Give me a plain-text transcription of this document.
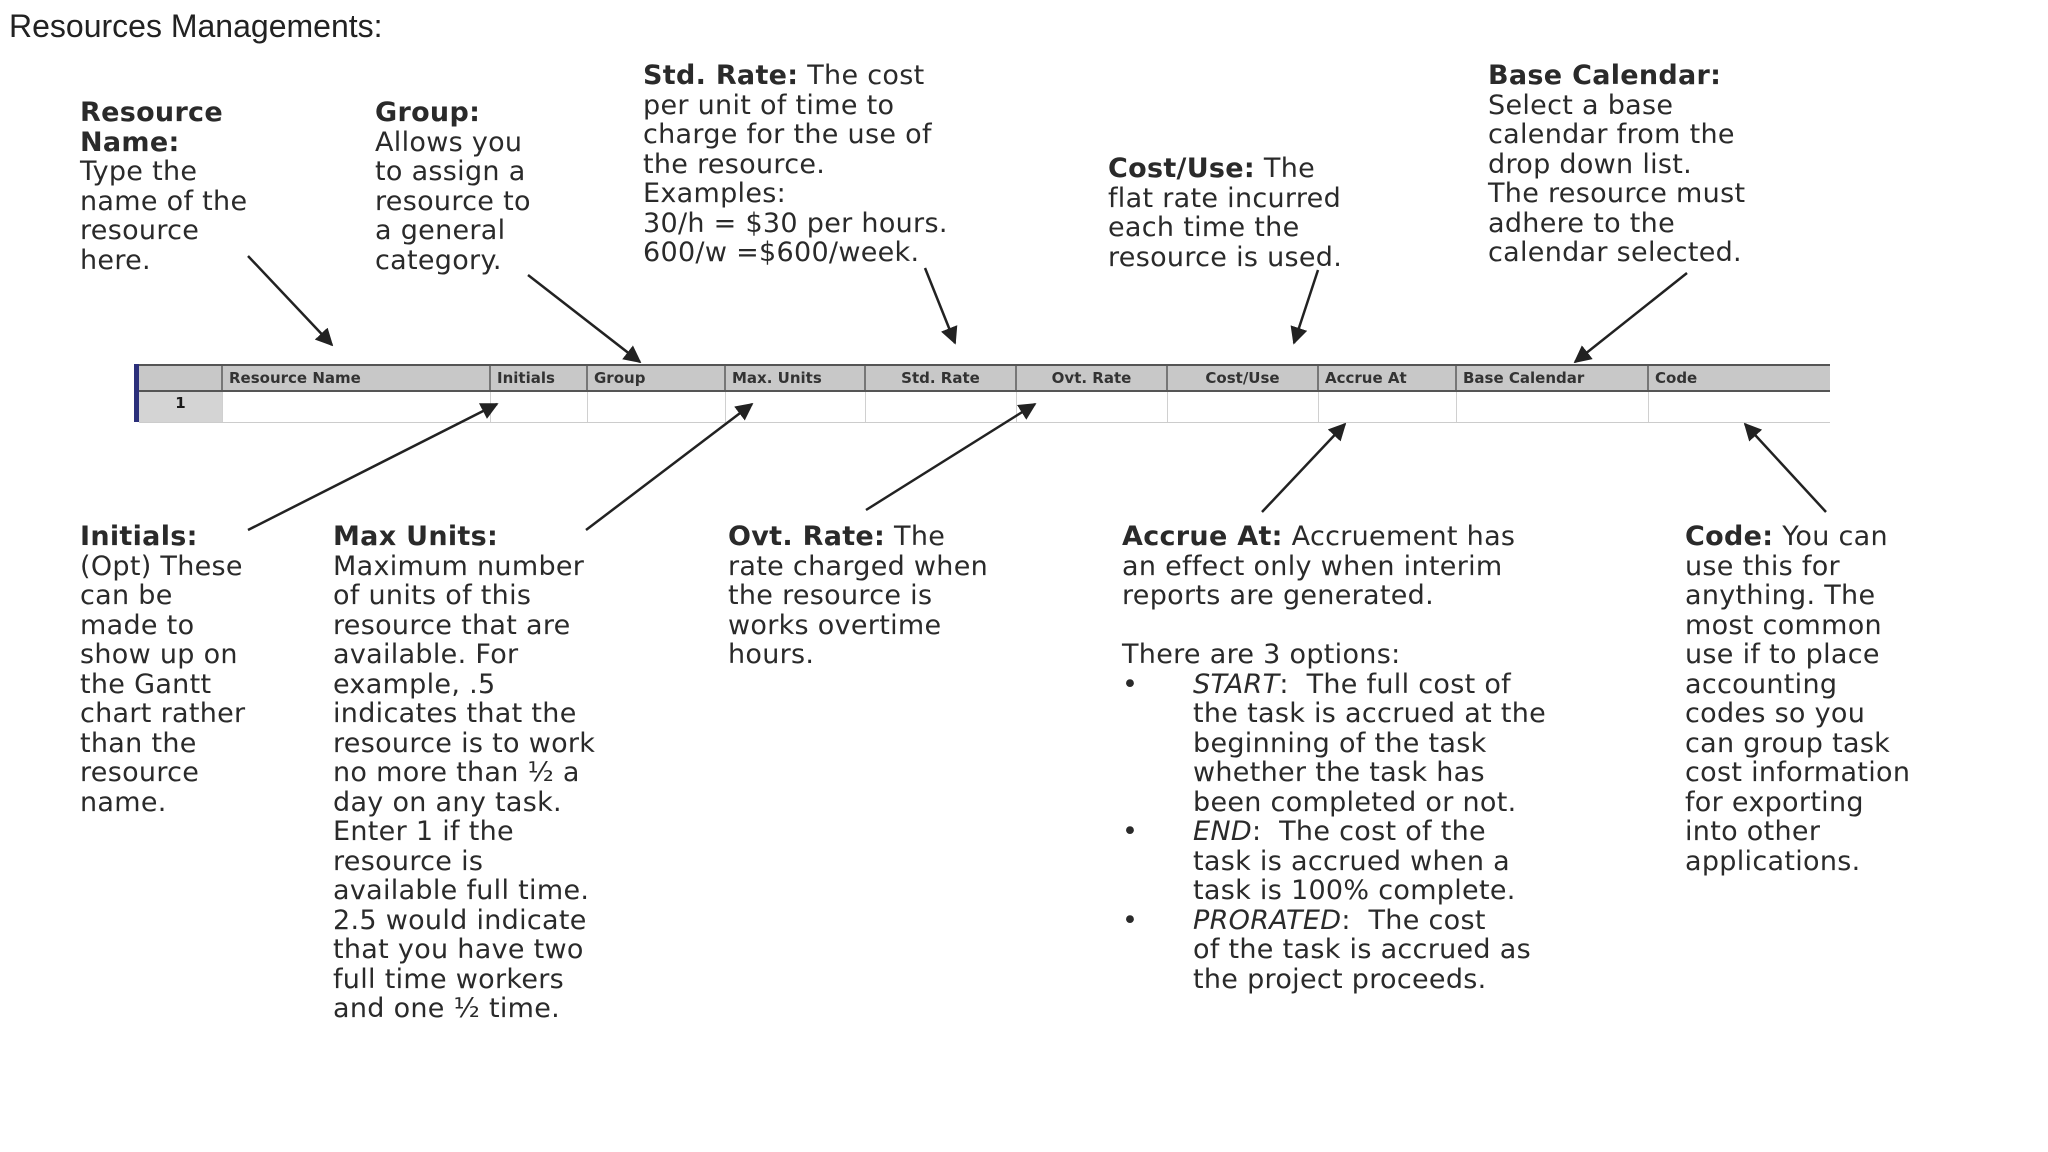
Resources Managements:
Resource
Name:
Type the
name of the
resource
here.
Group:
Allows you
to assign a
resource to
a general
category.
Std. Rate: The cost
per unit of time to
charge for the use of
the resource.
Examples:
30/h = $30 per hours.
600/w =$600/week.
Cost/Use: The
flat rate incurred
each time the
resource is used.
Base Calendar:
Select a base
calendar from the
drop down list.
The resource must
adhere to the
calendar selected.
Resource Name	Initials	Group	Max. Units	Std. Rate	Ovt. Rate	Cost/Use	Accrue At	Base Calendar	Code
1
Initials:
(Opt) These
can be
made to
show up on
the Gantt
chart rather
than the
resource
name.
Max Units:
Maximum number
of units of this
resource that are
available. For
example, .5
indicates that the
resource is to work
no more than ½ a
day on any task.
Enter 1 if the
resource is
available full time.
2.5 would indicate
that you have two
full time workers
and one ½ time.
Ovt. Rate: The
rate charged when
the resource is
works overtime
hours.
Accrue At: Accruement has
an effect only when interim
reports are generated.
There are 3 options:
• START:  The full cost of
the task is accrued at the
beginning of the task
whether the task has
been completed or not.
• END:  The cost of the
task is accrued when a
task is 100% complete.
• PRORATED:  The cost
of the task is accrued as
the project proceeds.
Code: You can
use this for
anything. The
most common
use if to place
accounting
codes so you
can group task
cost information
for exporting
into other
applications.
